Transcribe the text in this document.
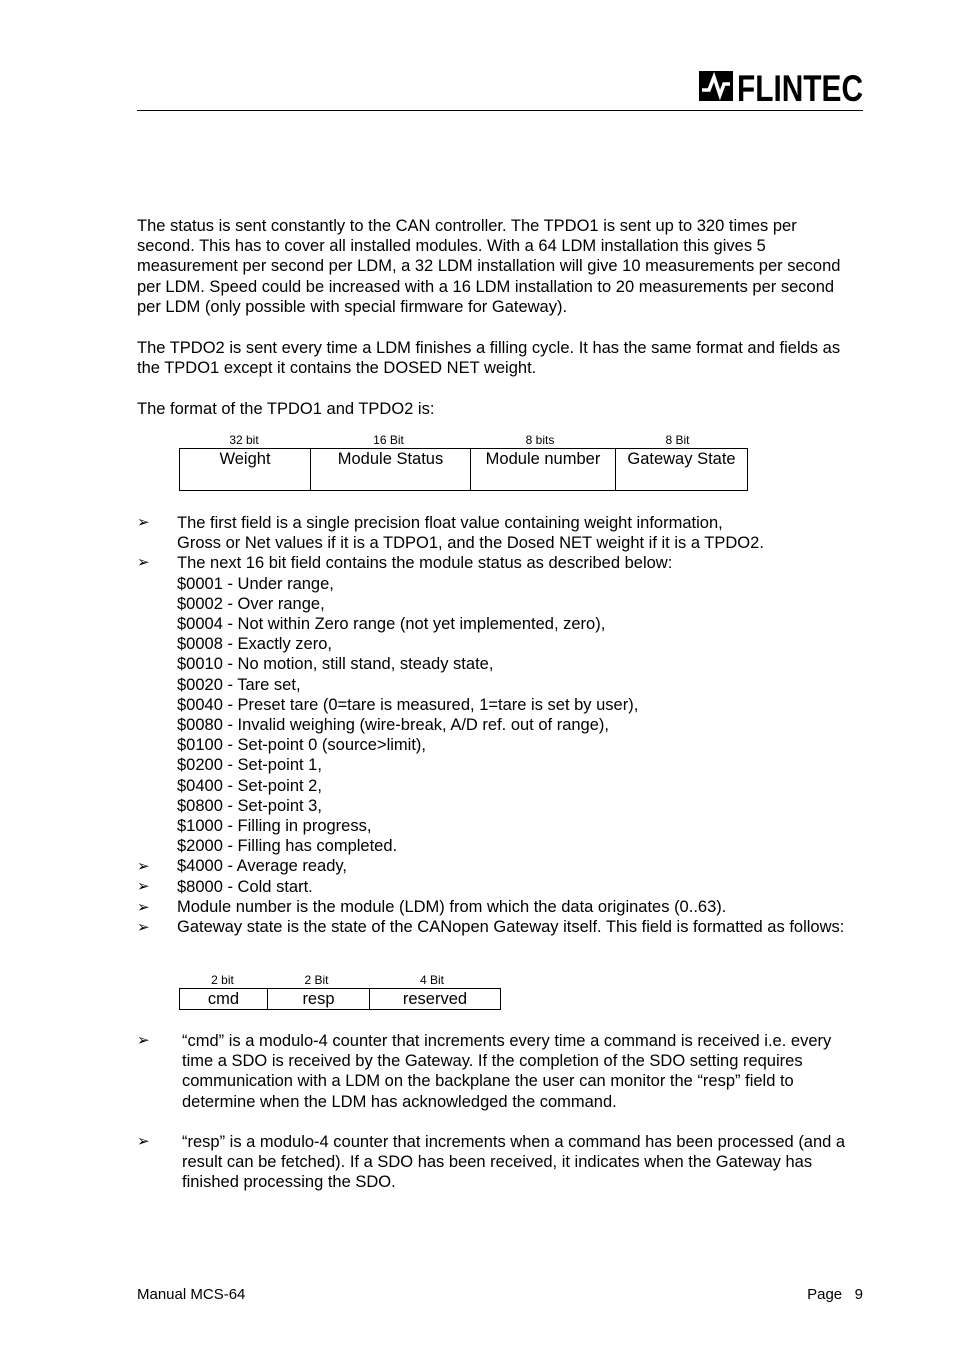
FLINTEC

The status is sent constantly to the CAN controller. The TPDO1 is sent up to 320 times per second. This has to cover all installed modules. With a 64 LDM installation this gives 5 measurement per second per LDM, a 32 LDM installation will give 10 measurements per second per LDM. Speed could be increased with a 16 LDM installation to 20 measurements per second per LDM (only possible with special firmware for Gateway).

The TPDO2 is sent every time a LDM finishes a filling cycle. It has the same format and fields as the TPDO1 except it contains the DOSED NET weight.

The format of the TPDO1 and TPDO2 is:

32 bit	16 Bit	8 bits	8 Bit
Weight	Module Status	Module number	Gateway State
➢
➢
➢
➢
➢
➢
The first field is a single precision float value containing weight information,
Gross or Net values if it is a TDPO1, and the Dosed NET weight if it is a TPDO2.
The next 16 bit field contains the module status as described below:
$0001 - Under range,
$0002 - Over range,
$0004 - Not within Zero range (not yet implemented, zero),
$0008 - Exactly zero,
$0010 - No motion, still stand, steady state,
$0020 - Tare set,
$0040 - Preset tare (0=tare is measured, 1=tare is set by user),
$0080 - Invalid weighing (wire-break, A/D ref. out of range),
$0100 - Set-point 0 (source>limit),
$0200 - Set-point 1,
$0400 - Set-point 2,
$0800 - Set-point 3,
$1000 - Filling in progress,
$2000 - Filling has completed.
$4000 - Average ready,
$8000 - Cold start.
Module number is the module (LDM) from which the data originates (0..63).
Gateway state is the state of the CANopen Gateway itself. This field is formatted as follows:
2 bit	2 Bit	4 Bit
cmd	resp	reserved
➢	“cmd” is a modulo-4 counter that increments every time a command is received i.e. every time a SDO is received by the Gateway. If the completion of the SDO setting requires communication with a LDM on the backplane the user can monitor the “resp” field to determine when the LDM has acknowledged the command.

➢	“resp” is a modulo-4 counter that increments when a command has been processed (and a result can be fetched). If a SDO has been received, it indicates when the Gateway has finished processing the SDO.

Manual MCS-64	Page 9
